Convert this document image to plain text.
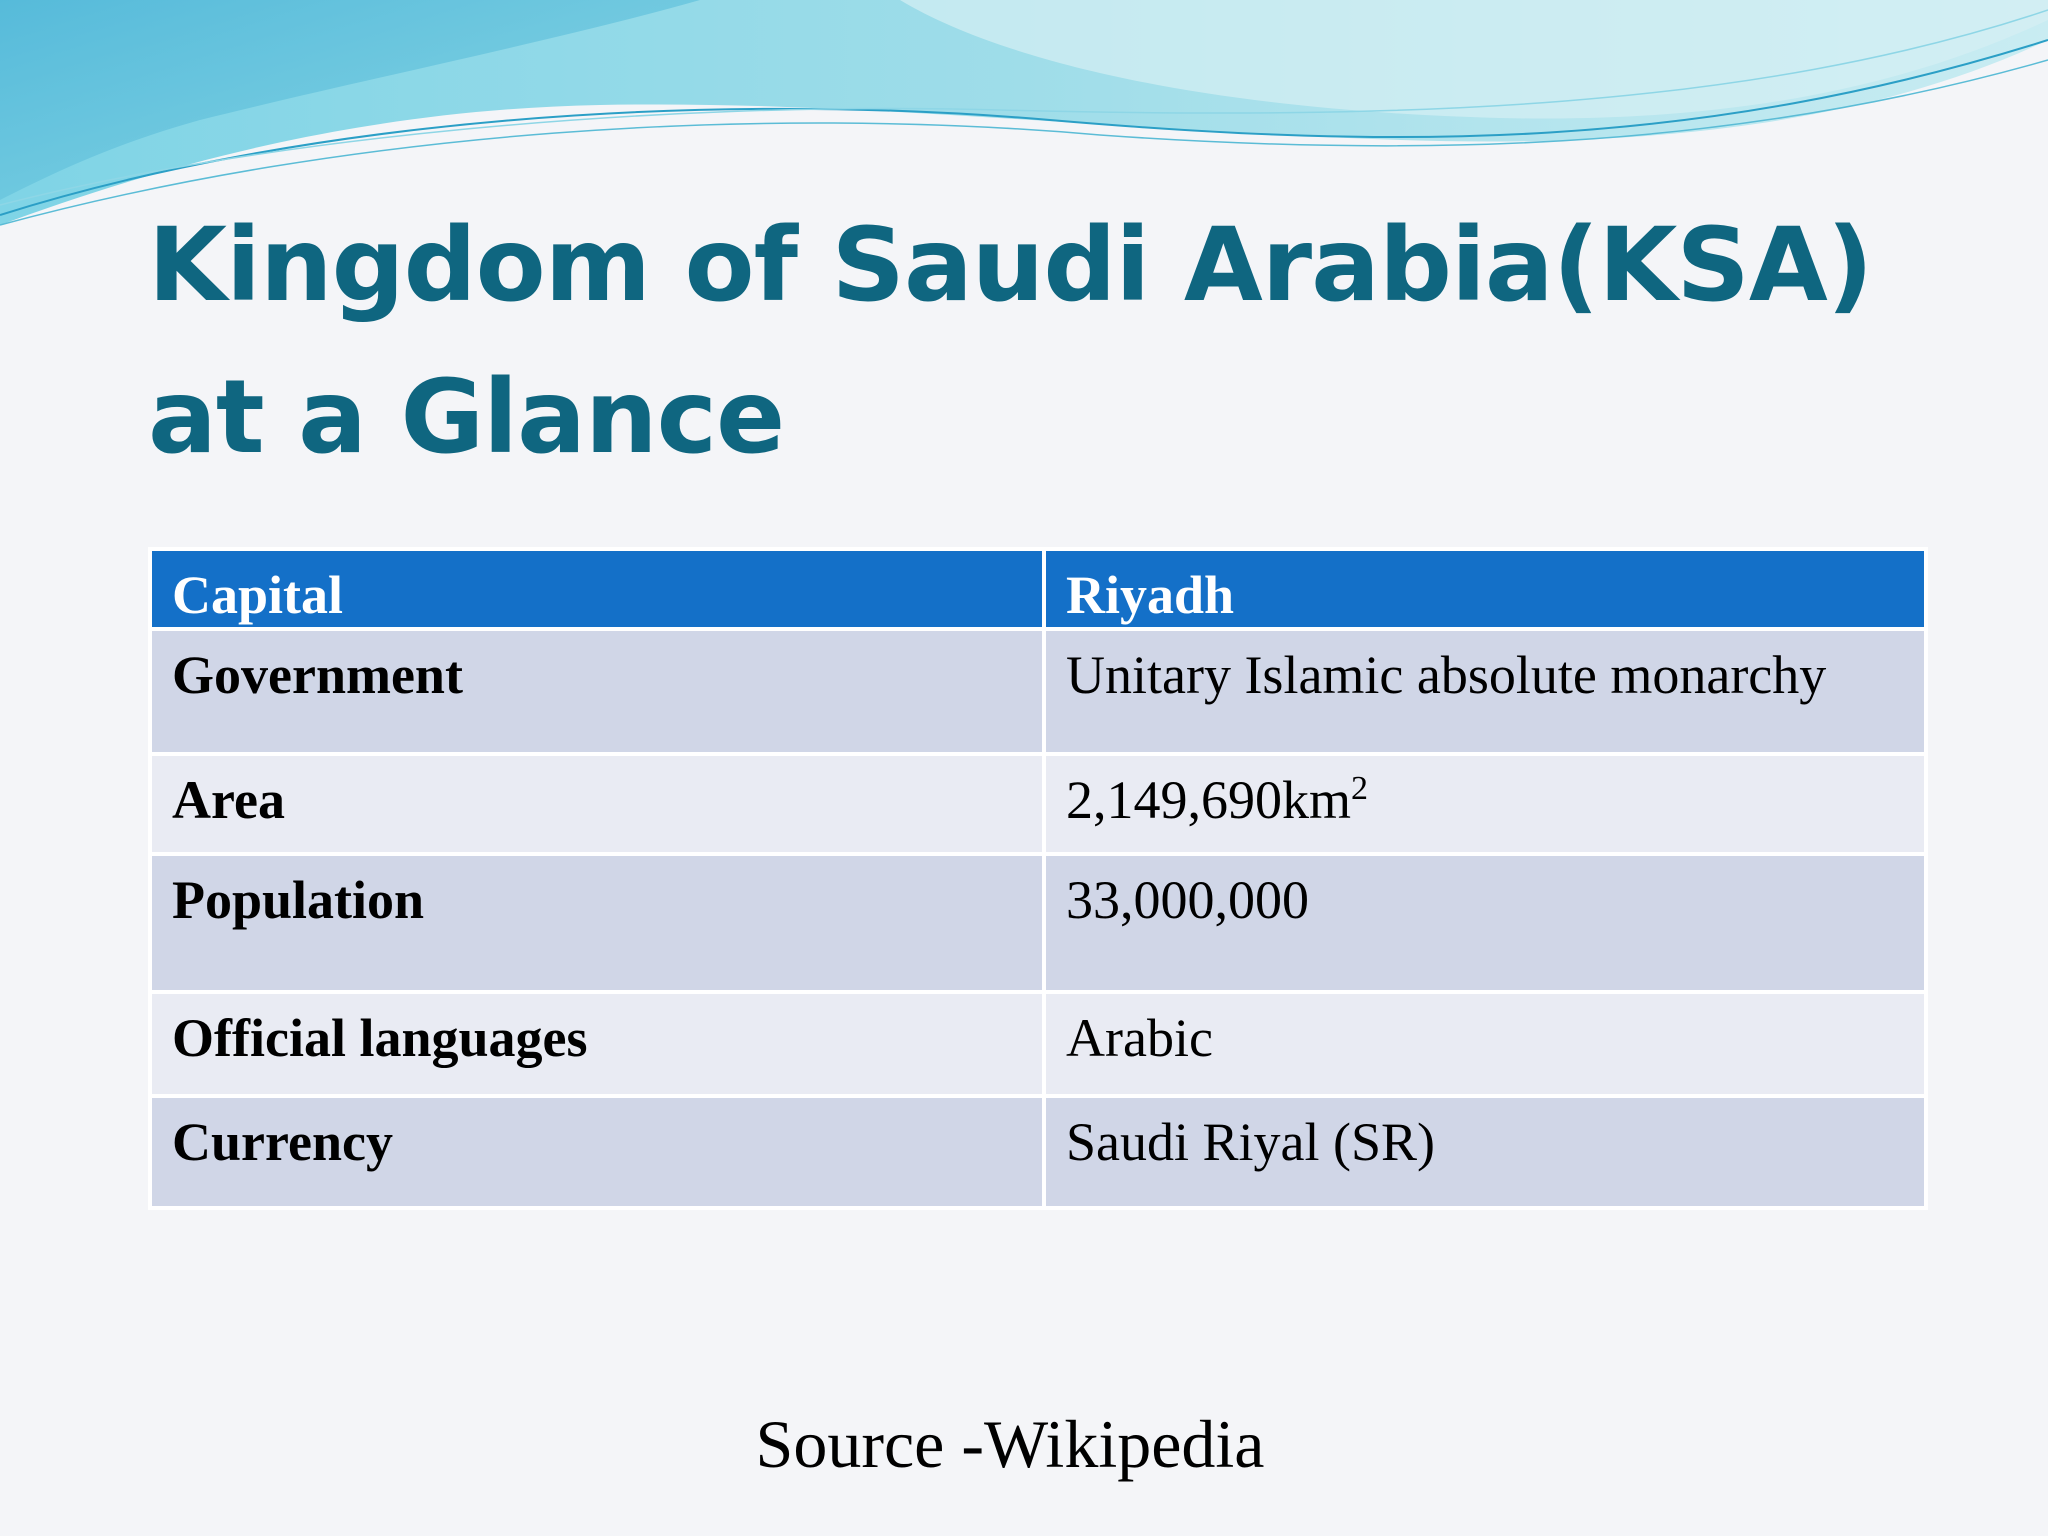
Kingdom of Saudi Arabia(KSA) at a Glance
Capital	Riyadh
Government	Unitary Islamic absolute monarchy
Area	$2,149,690km^2$
Population	33,000,000
Official languages	Arabic
Currency	Saudi Riyal (SR)
Source -Wikipedia
